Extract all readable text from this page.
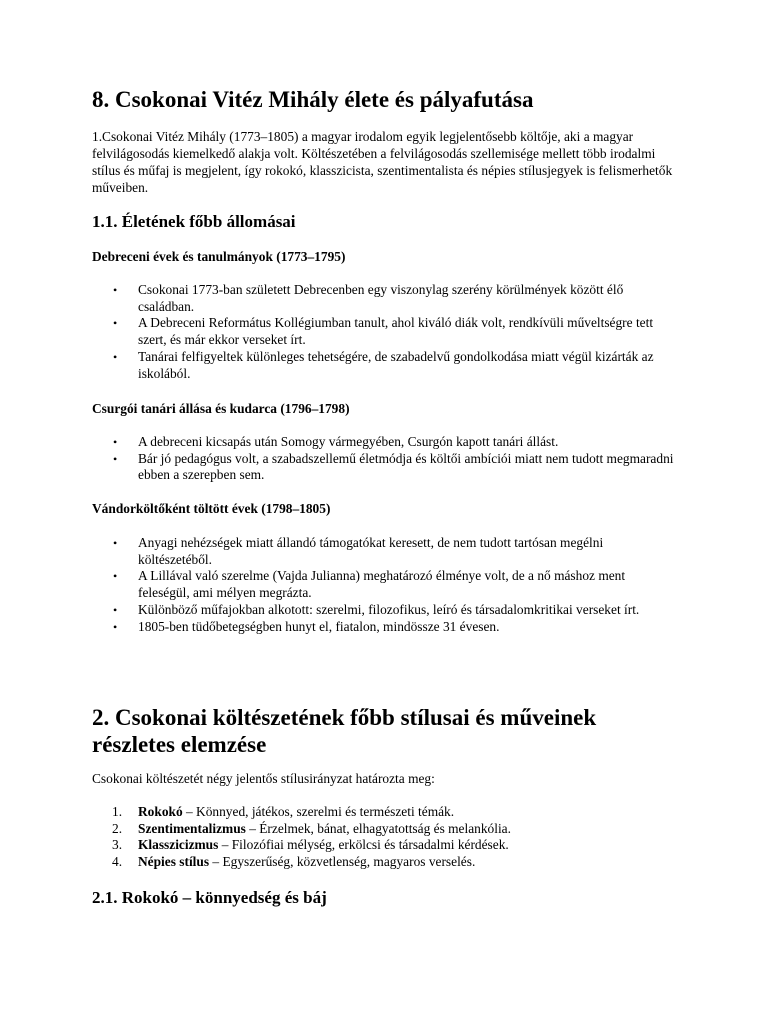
8. Csokonai Vitéz Mihály élete és pályafutása

1.Csokonai Vitéz Mihály (1773–1805) a magyar irodalom egyik legjelentősebb költője, aki a magyar felvilágosodás kiemelkedő alakja volt. Költészetében a felvilágosodás szellemisége mellett több irodalmi stílus és műfaj is megjelent, így rokokó, klasszicista, szentimentalista és népies stílusjegyek is felismerhetők műveiben.

1.1. Életének főbb állomásai
Debreceni évek és tanulmányok (1773–1795)
• Csokonai 1773-ban született Debrecenben egy viszonylag szerény körülmények között élő családban.
• A Debreceni Református Kollégiumban tanult, ahol kiváló diák volt, rendkívüli műveltségre tett szert, és már ekkor verseket írt.
• Tanárai felfigyeltek különleges tehetségére, de szabadelvű gondolkodása miatt végül kizárták az iskolából.
Csurgói tanári állása és kudarca (1796–1798)
• A debreceni kicsapás után Somogy vármegyében, Csurgón kapott tanári állást.
• Bár jó pedagógus volt, a szabadszellemű életmódja és költői ambíciói miatt nem tudott megmaradni ebben a szerepben sem.
Vándorköltőként töltött évek (1798–1805)
• Anyagi nehézségek miatt állandó támogatókat keresett, de nem tudott tartósan megélni költészetéből.
• A Lillával való szerelme (Vajda Julianna) meghatározó élménye volt, de a nő máshoz ment feleségül, ami mélyen megrázta.
• Különböző műfajokban alkotott: szerelmi, filozofikus, leíró és társadalomkritikai verseket írt.
• 1805-ben tüdőbetegségben hunyt el, fiatalon, mindössze 31 évesen.
2. Csokonai költészetének főbb stílusai és műveinek részletes elemzése

Csokonai költészetét négy jelentős stílusirányzat határozta meg:

1. Rokokó – Könnyed, játékos, szerelmi és természeti témák.
2. Szentimentalizmus – Érzelmek, bánat, elhagyatottság és melankólia.
3. Klasszicizmus – Filozófiai mélység, erkölcsi és társadalmi kérdések.
4. Népies stílus – Egyszerűség, közvetlenség, magyaros verselés.
2.1. Rokokó – könnyedség és báj
